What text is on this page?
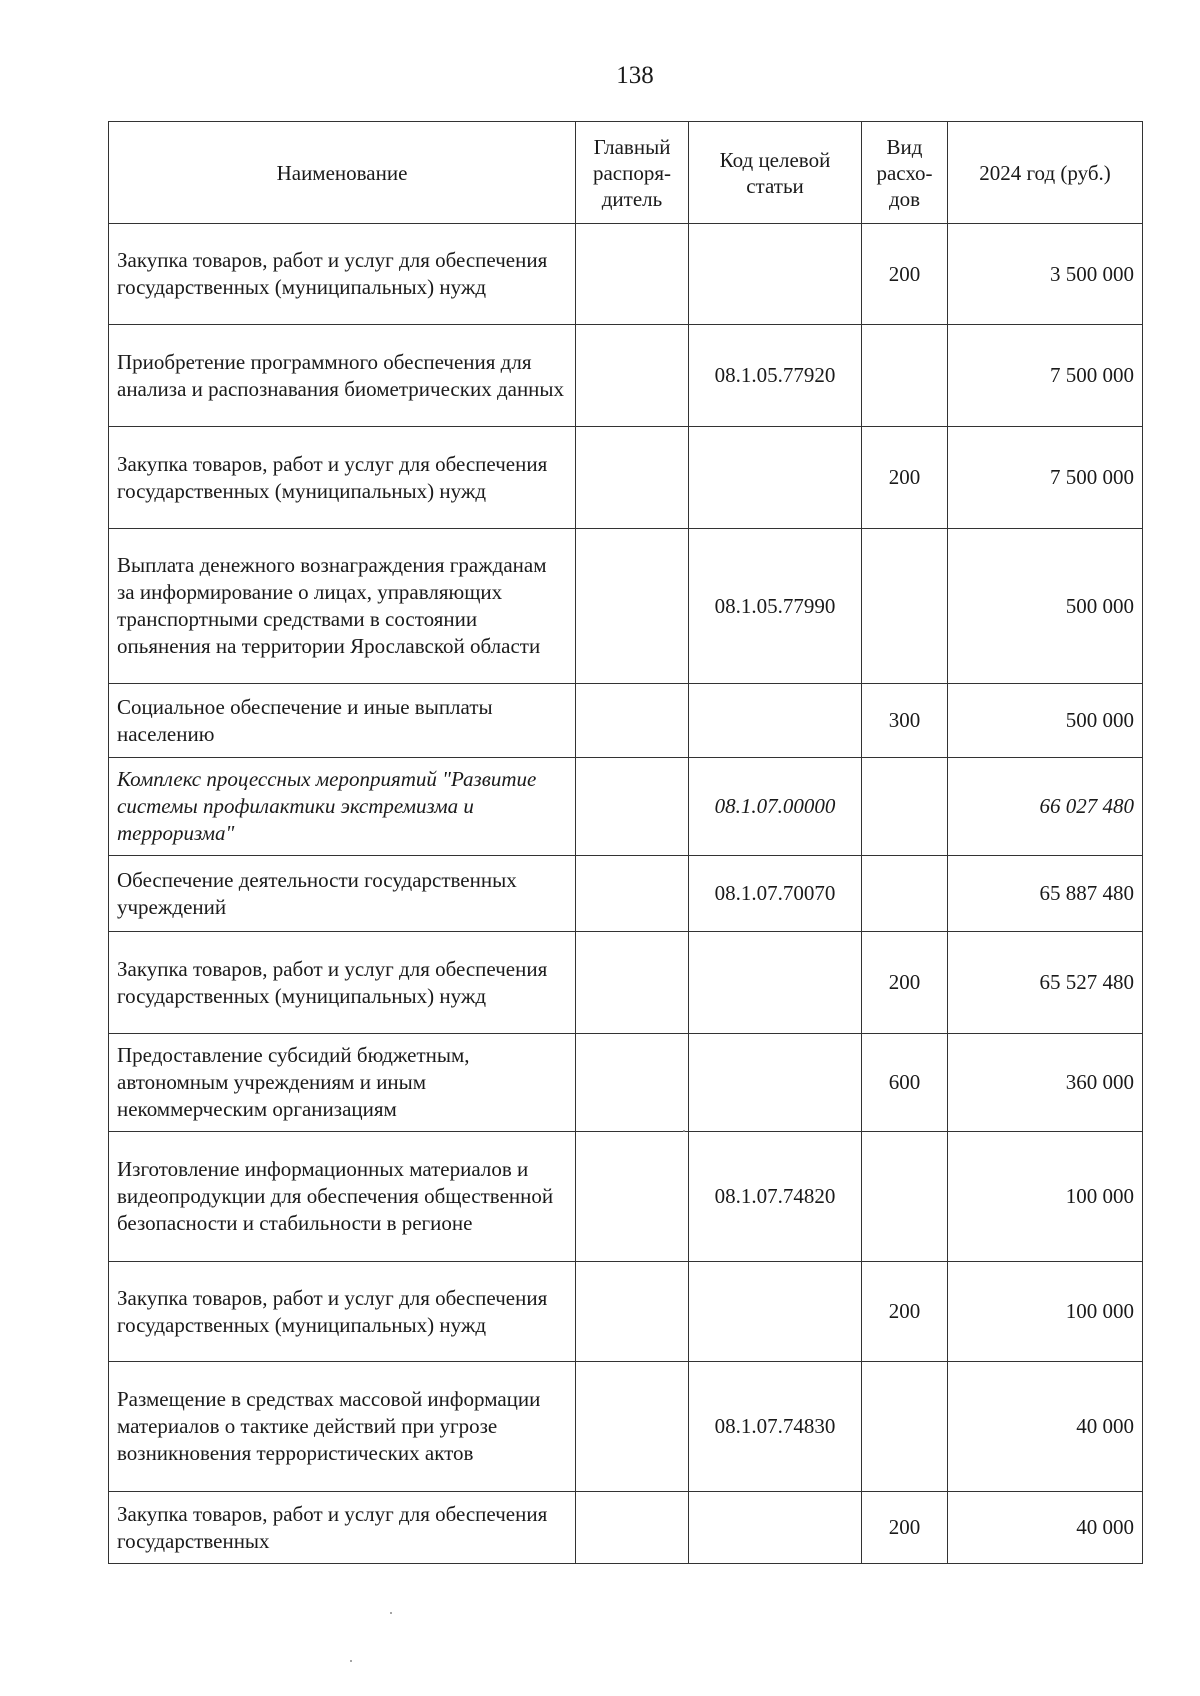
138
Наименование	Главный распоря-дитель	Код целевой статьи	Вид расхо-дов	2024 год (руб.)
Закупка товаров, работ и услуг для обеспечения государственных (муниципальных) нужд			200	3 500 000
Приобретение программного обеспечения для анализа и распознавания биометрических данных		08.1.05.77920		7 500 000
Закупка товаров, работ и услуг для обеспечения государственных (муниципальных) нужд			200	7 500 000
Выплата денежного вознаграждения гражданам за информирование о лицах, управляющих транспортными средствами в состоянии опьянения на территории Ярославской области		08.1.05.77990		500 000
Социальное обеспечение и иные выплаты населению			300	500 000
Комплекс процессных мероприятий "Развитие системы профилактики экстремизма и терроризма"		08.1.07.00000		66 027 480
Обеспечение деятельности государственных учреждений		08.1.07.70070		65 887 480
Закупка товаров, работ и услуг для обеспечения государственных (муниципальных) нужд			200	65 527 480
Предоставление субсидий бюджетным, автономным учреждениям и иным некоммерческим организациям			600	360 000
Изготовление информационных материалов и видеопродукции для обеспечения общественной безопасности и стабильности в регионе		08.1.07.74820		100 000
Закупка товаров, работ и услуг для обеспечения государственных (муниципальных) нужд			200	100 000
Размещение в средствах массовой информации материалов о тактике действий при угрозе возникновения террористических актов		08.1.07.74830		40 000
Закупка товаров, работ и услуг для обеспечения государственных			200	40 000
